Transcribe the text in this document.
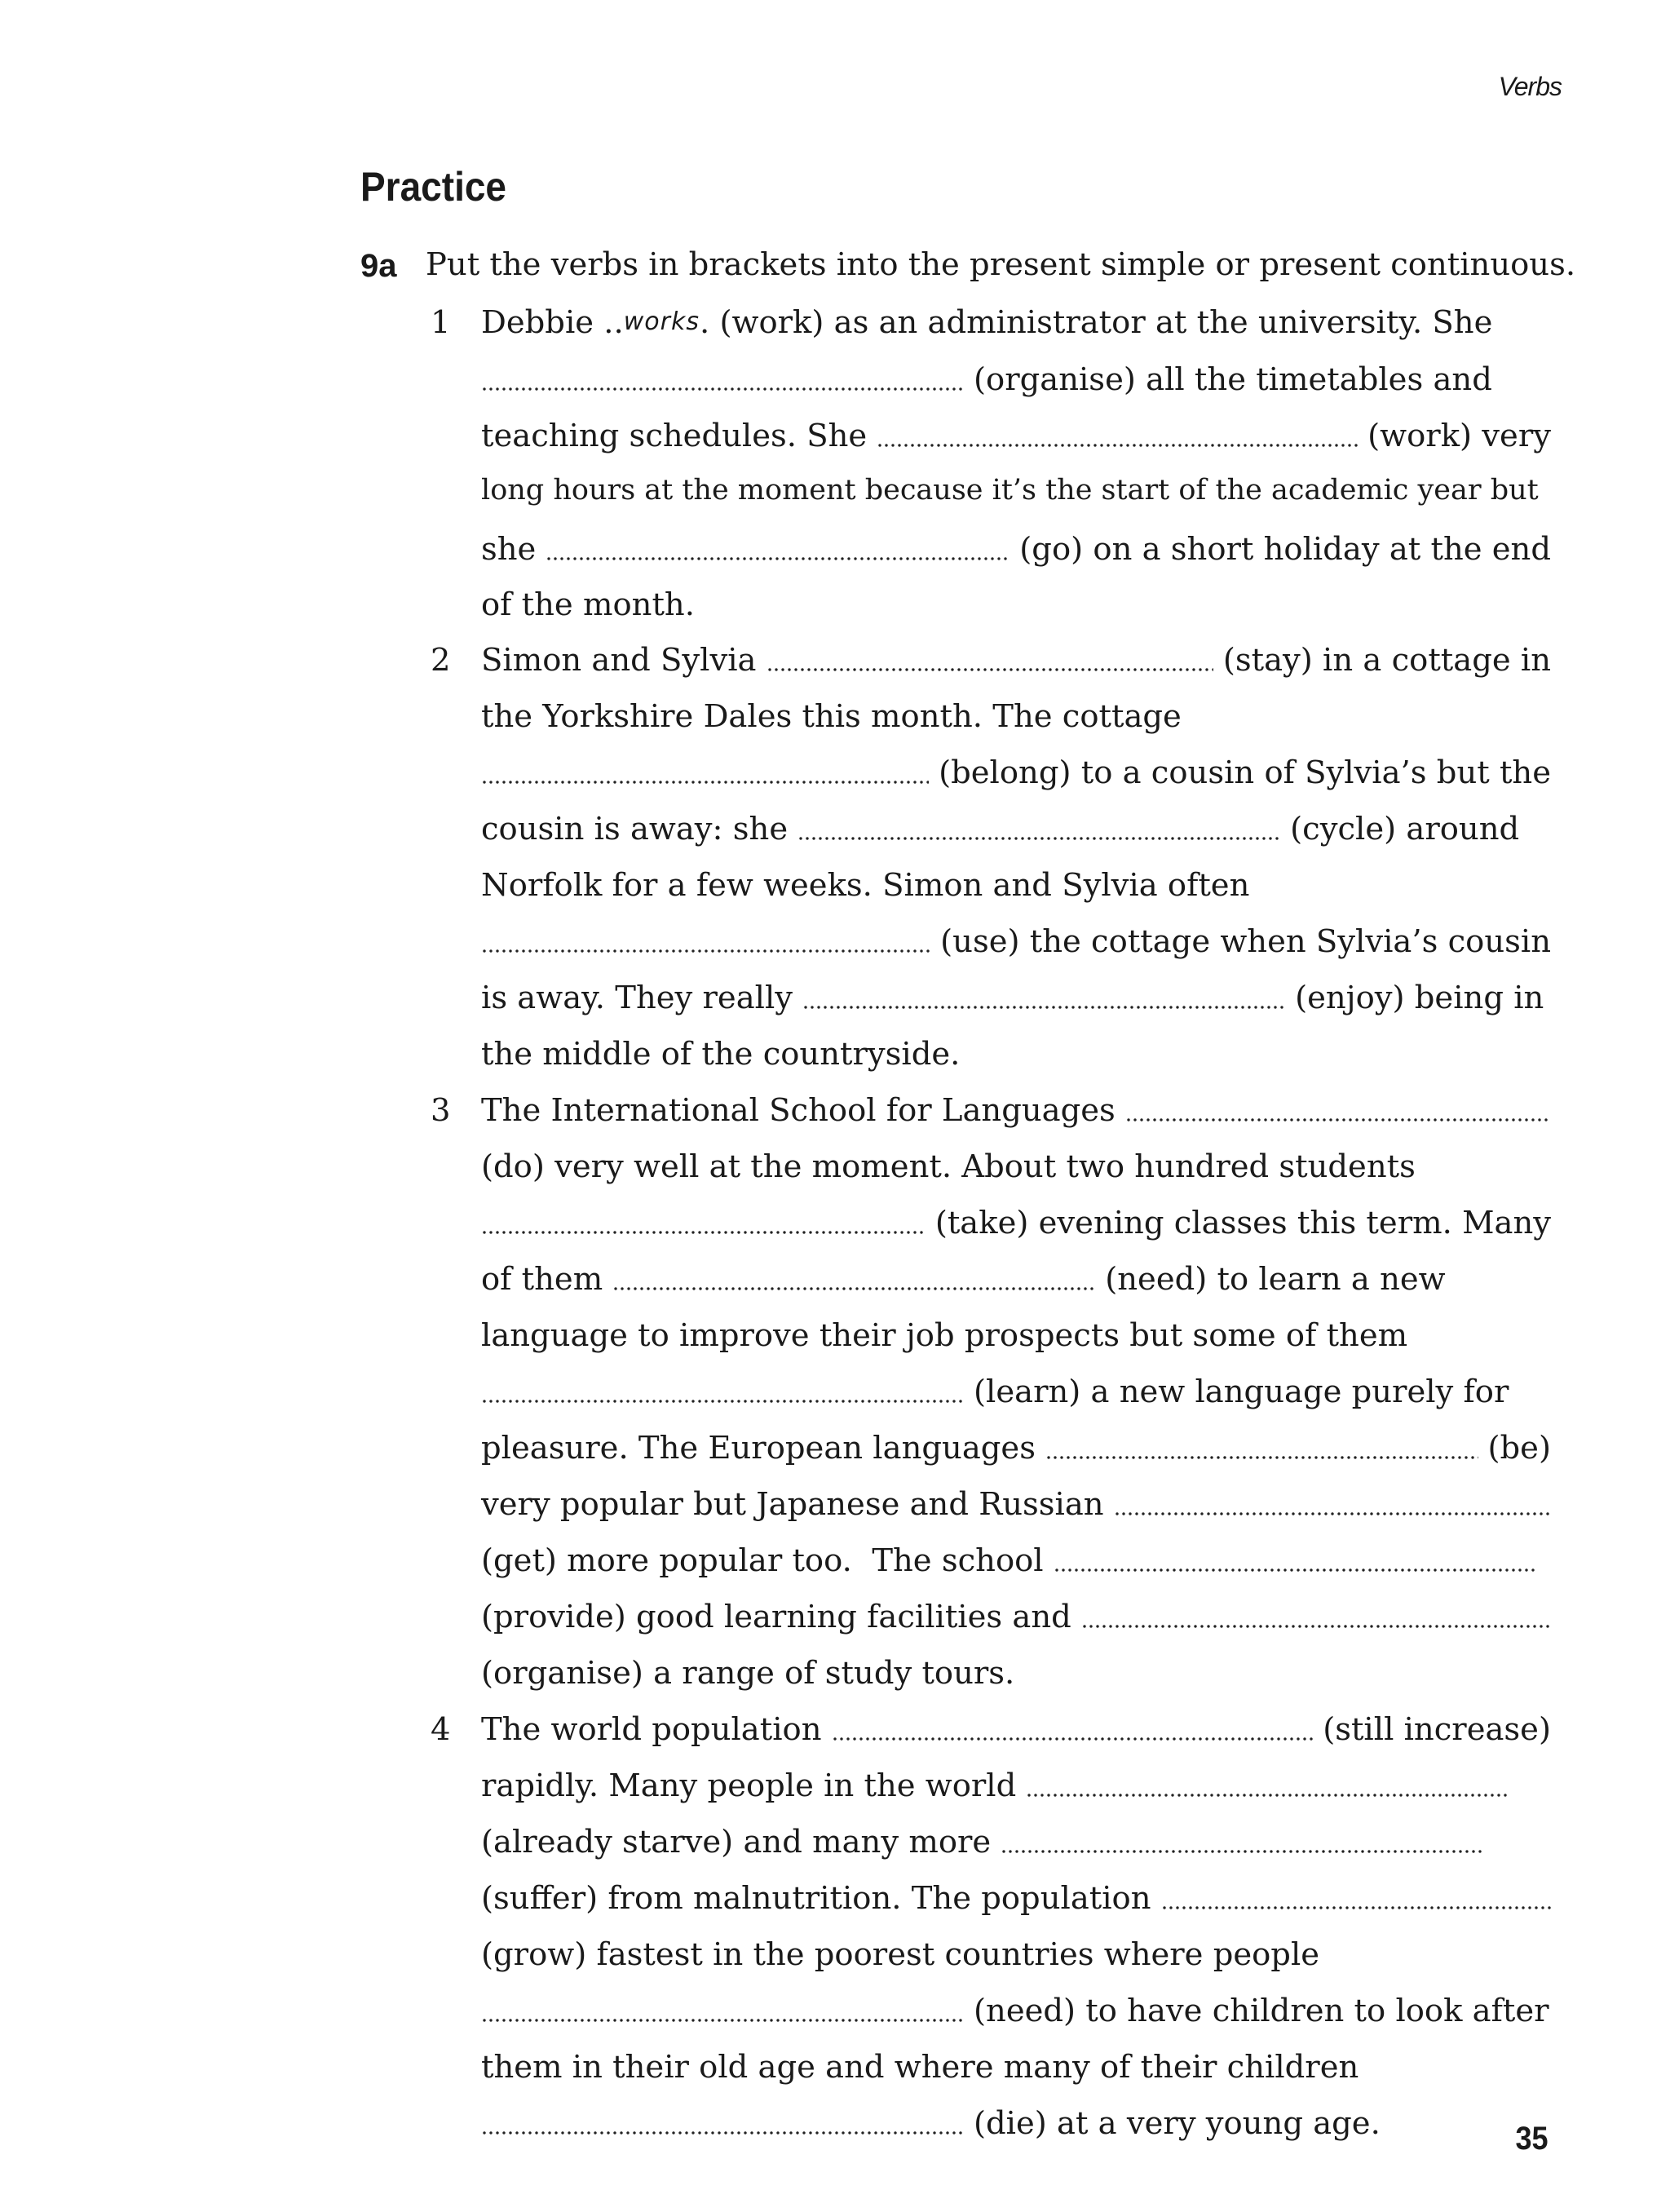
Verbs
Practice
9a Put the verbs in brackets into the present simple or present continuous.
1 Debbie .. works . (work) as an administrator at the university. She
(organise) all the timetables and
teaching schedules. She	(work) very
long hours at the moment because it’s the start of the academic year but
she	(go) on a short holiday at the end
of the month.
2 Simon and Sylvia	(stay) in a cottage in
the Yorkshire Dales this month. The cottage
(belong) to a cousin of Sylvia’s but the
cousin is away: she	(cycle) around
Norfolk for a few weeks. Simon and Sylvia often
(use) the cottage when Sylvia’s cousin
is away. They really	(enjoy) being in
the middle of the countryside.
3 The International School for Languages
(do) very well at the moment. About two hundred students
(take) evening classes this term. Many
of them	(need) to learn a new
language to improve their job prospects but some of them
(learn) a new language purely for
pleasure. The European languages	(be)
very popular but Japanese and Russian
(get) more popular too.  The school
(provide) good learning facilities and
(organise) a range of study tours.
4 The world population	(still increase)
rapidly. Many people in the world
(already starve) and many more
(suffer) from malnutrition. The population
(grow) fastest in the poorest countries where people
(need) to have children to look after
them in their old age and where many of their children
(die) at a very young age.	35
